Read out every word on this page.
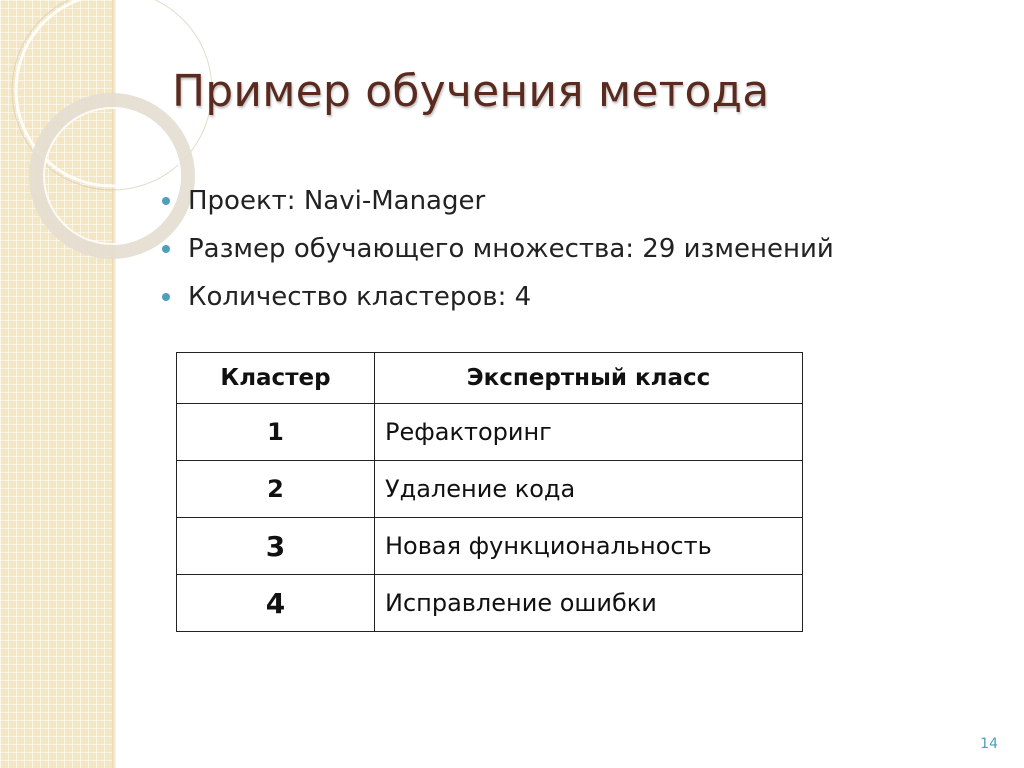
Пример обучения метода
Проект: Navi-Manager
Размер обучающего множества: 29 изменений
Количество кластеров: 4
Кластер	Экспертный класс
1	Рефакторинг
2	Удаление кода
3	Новая функциональность
4	Исправление ошибки
14
